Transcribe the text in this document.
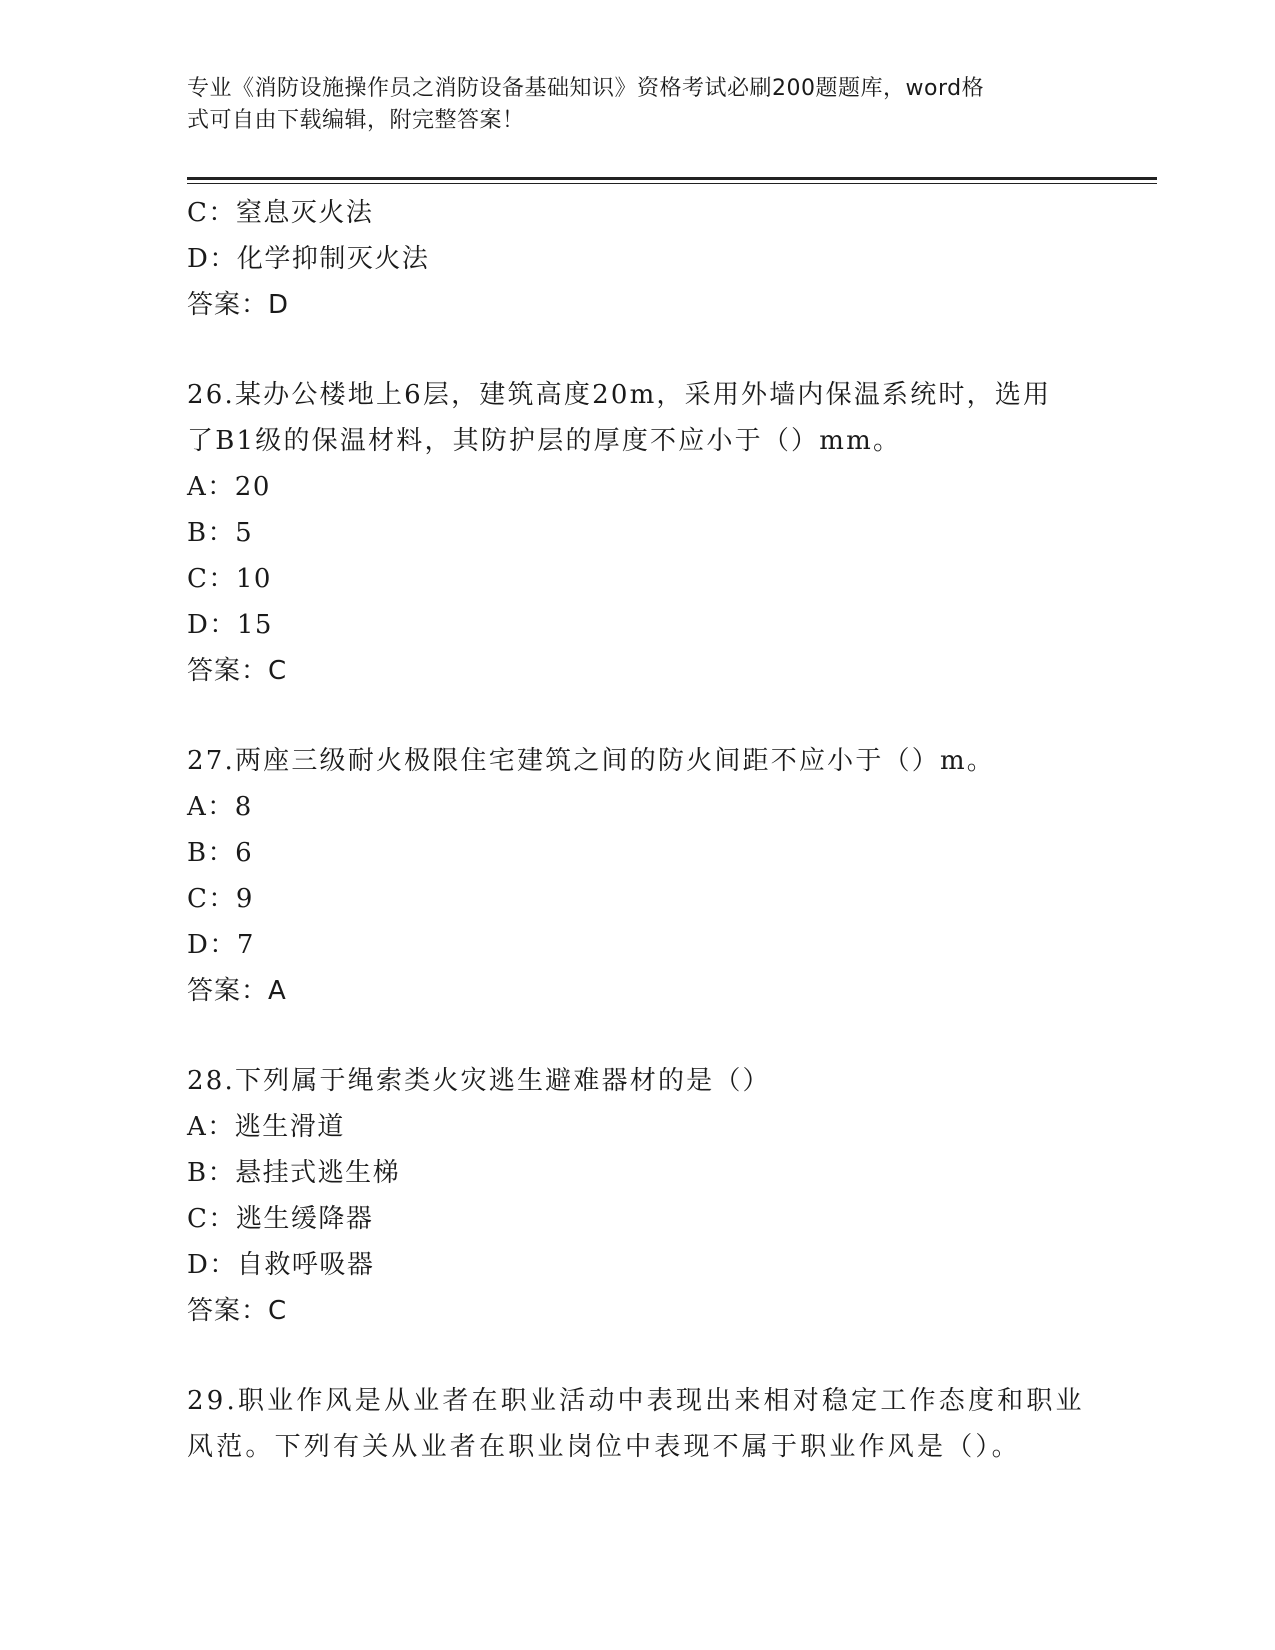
专业《消防设施操作员之消防设备基础知识》资格考试必刷200题题库，word格
式可自由下载编辑，附完整答案！
C：窒息灭火法
D：化学抑制灭火法
答案：D
26.某办公楼地上6层，建筑高度20m，采用外墙内保温系统时，选用
了B1级的保温材料，其防护层的厚度不应小于（）mm。
A：20
B：5
C：10
D：15
答案：C
27.两座三级耐火极限住宅建筑之间的防火间距不应小于（）m。
A：8
B：6
C：9
D：7
答案：A
28.下列属于绳索类火灾逃生避难器材的是（）
A：逃生滑道
B：悬挂式逃生梯
C：逃生缓降器
D：自救呼吸器
答案：C
29.职业作风是从业者在职业活动中表现出来相对稳定工作态度和职业
风范。下列有关从业者在职业岗位中表现不属于职业作风是（）。
